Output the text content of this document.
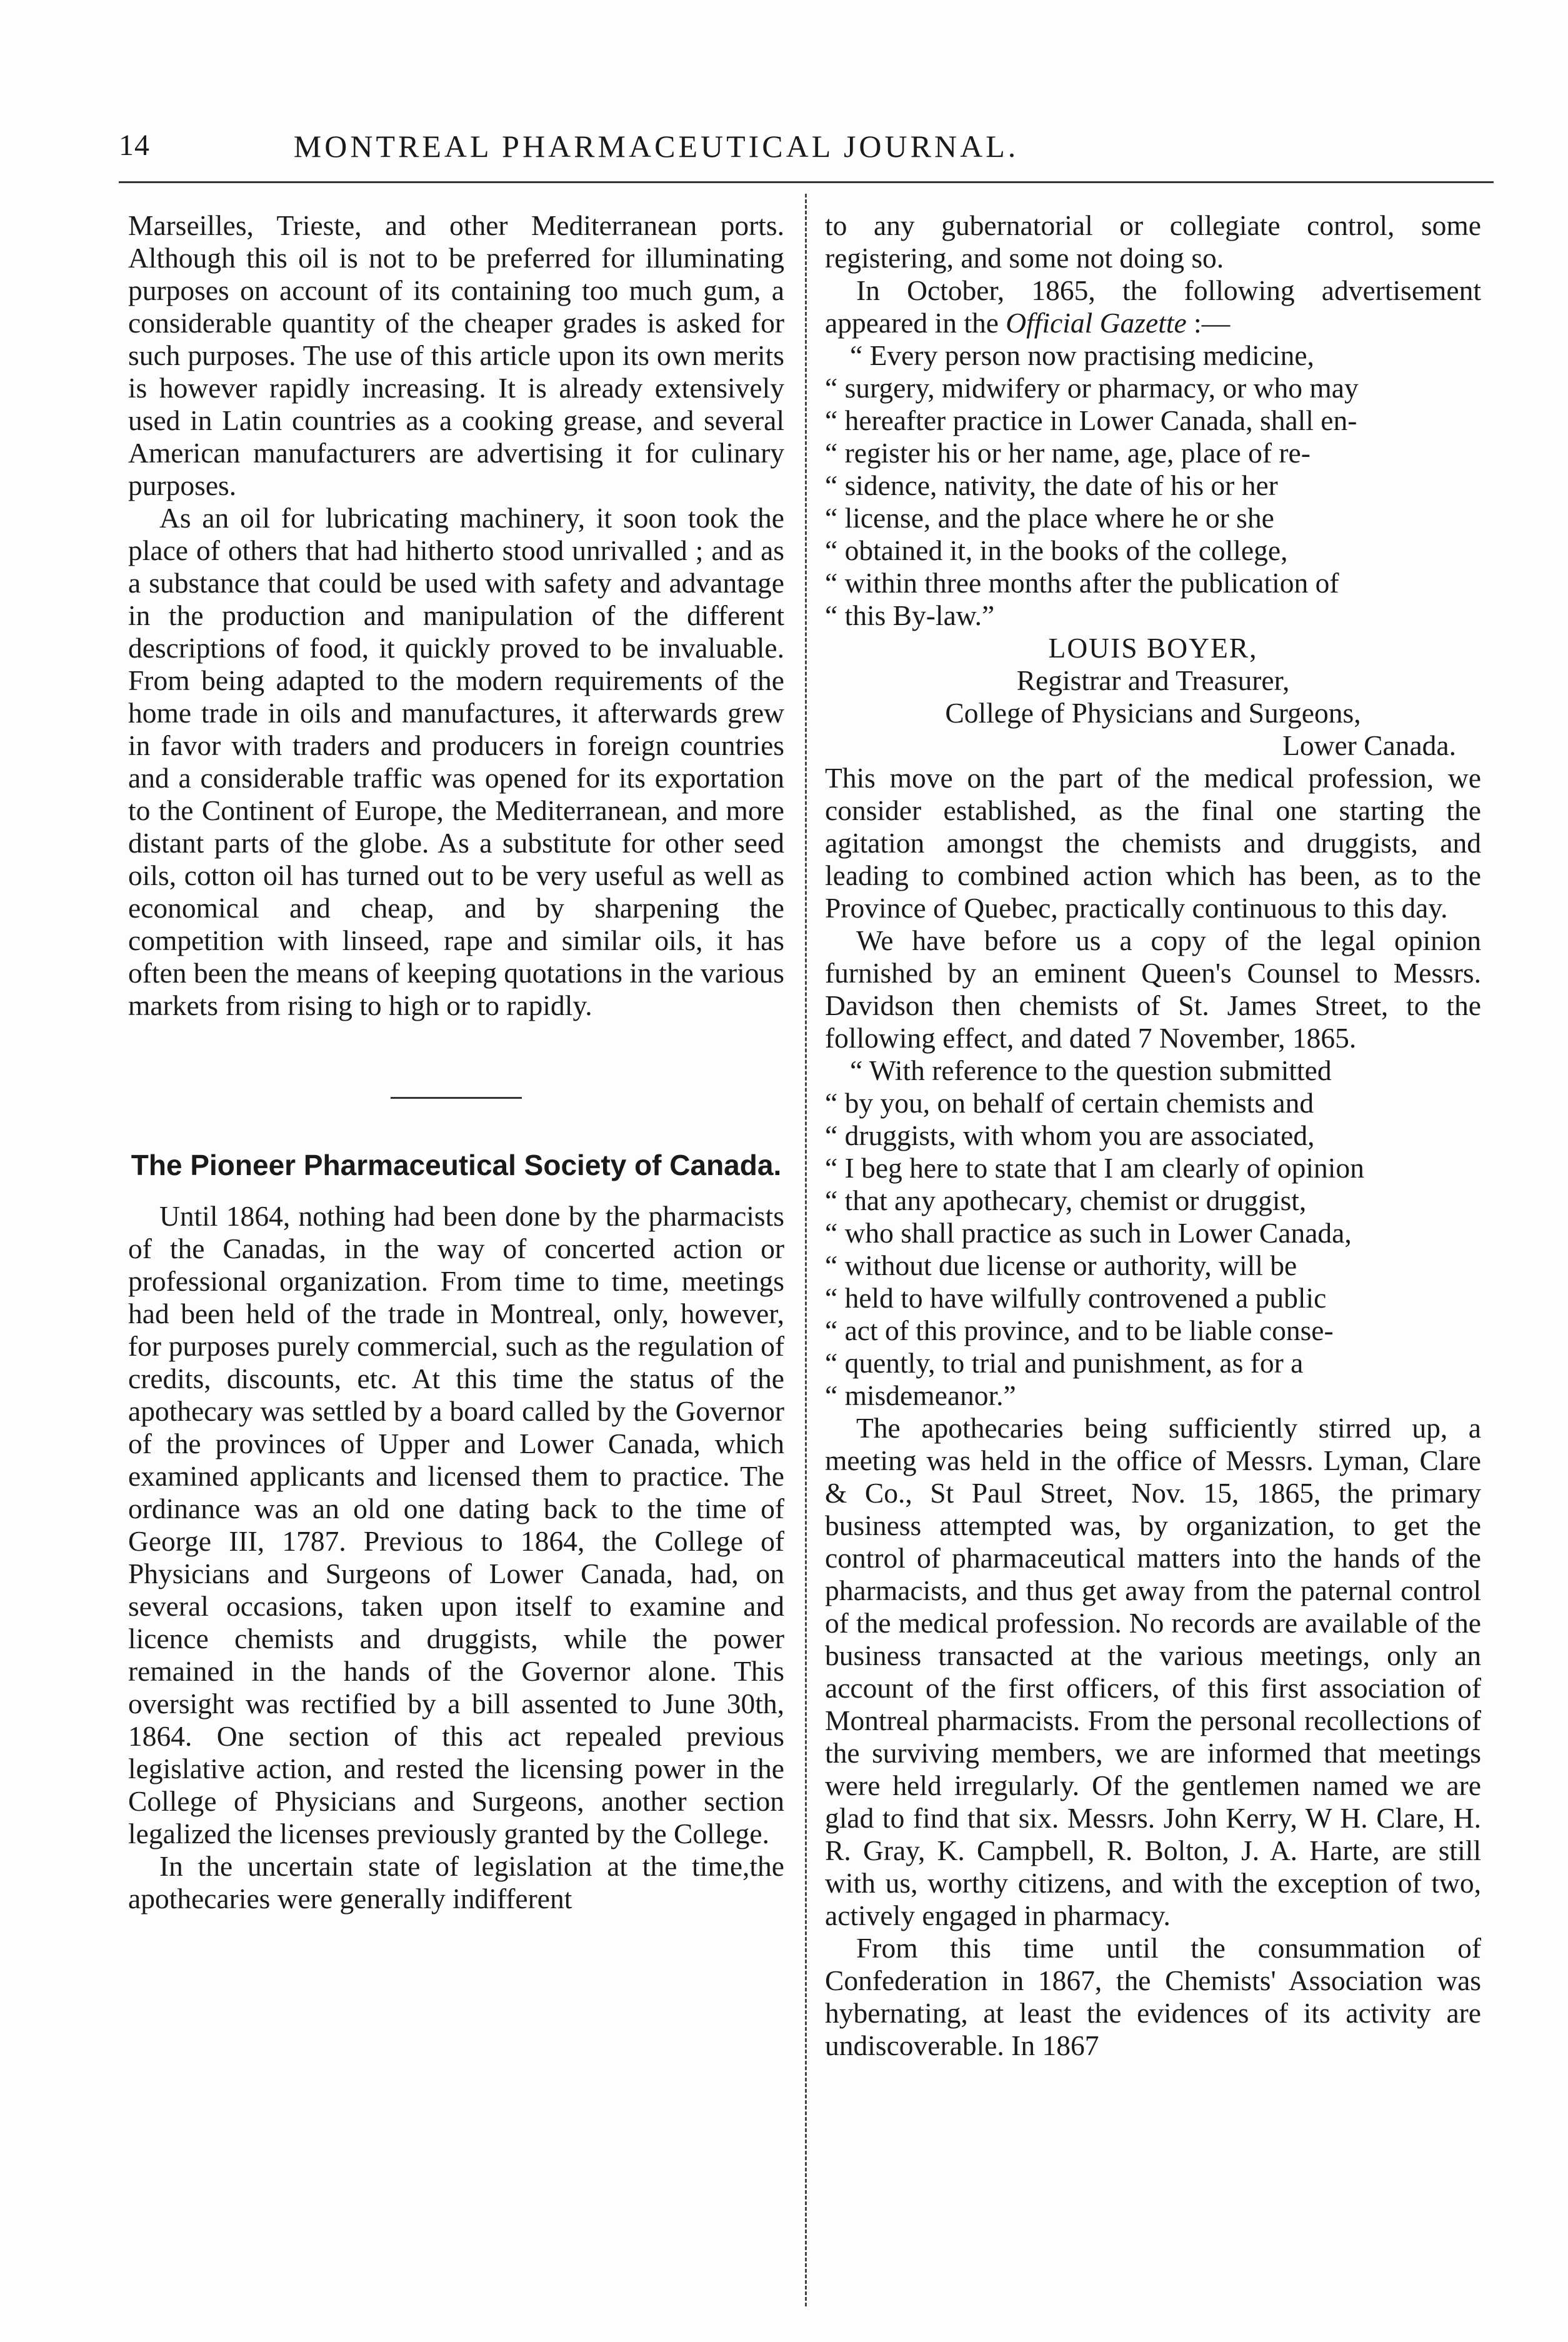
14	MONTREAL PHARMACEUTICAL JOURNAL.

Marseilles, Trieste, and other Mediterranean ports. Although this oil is not to be preferred for illuminating purposes on account of its containing too much gum, a considerable quantity of the cheaper grades is asked for such purposes. The use of this article upon its own merits is however rapidly increasing. It is already extensively used in Latin countries as a cooking grease, and several American manufacturers are advertising it for culinary purposes.

As an oil for lubricating machinery, it soon took the place of others that had hitherto stood unrivalled ; and as a substance that could be used with safety and advantage in the production and manipulation of the different descriptions of food, it quickly proved to be invaluable. From being adapted to the modern requirements of the home trade in oils and manufactures, it afterwards grew in favor with traders and producers in foreign countries and a considerable traffic was opened for its exportation to the Continent of Europe, the Mediterranean, and more distant parts of the globe. As a substitute for other seed oils, cotton oil has turned out to be very useful as well as economical and cheap, and by sharpening the competition with linseed, rape and similar oils, it has often been the means of keeping quotations in the various markets from rising to high or to rapidly.

The Pioneer Pharmaceutical Society of Canada.

Until 1864, nothing had been done by the pharmacists of the Canadas, in the way of concerted action or professional organization. From time to time, meetings had been held of the trade in Montreal, only, however, for purposes purely commercial, such as the regulation of credits, discounts, etc. At this time the status of the apothecary was settled by a board called by the Governor of the provinces of Upper and Lower Canada, which examined applicants and licensed them to practice. The ordinance was an old one dating back to the time of George III, 1787. Previous to 1864, the College of Physicians and Surgeons of Lower Canada, had, on several occasions, taken upon itself to examine and licence chemists and druggists, while the power remained in the hands of the Governor alone. This oversight was rectified by a bill assented to June 30th, 1864. One section of this act repealed previous legislative action, and rested the licensing power in the College of Physicians and Surgeons, another section legalized the licenses previously granted by the College.

In the uncertain state of legislation at the time,the apothecaries were generally indifferent

to any gubernatorial or collegiate control, some registering, and some not doing so.

In October, 1865, the following advertisement appeared in the Official Gazette :—

“ Every person now practising medicine,

“ surgery, midwifery or pharmacy, or who may

“ hereafter practice in Lower Canada, shall en-

“ register his or her name, age, place of re-

“ sidence, nativity, the date of his or her

“ license, and the place where he or she

“ obtained it, in the books of the college,

“ within three months after the publication of

“ this By-law.”

LOUIS BOYER,

Registrar and Treasurer,

College of Physicians and Surgeons,

Lower Canada.

This move on the part of the medical profession, we consider established, as the final one starting the agitation amongst the chemists and druggists, and leading to combined action which has been, as to the Province of Quebec, practically continuous to this day.

We have before us a copy of the legal opinion furnished by an eminent Queen's Counsel to Messrs. Davidson then chemists of St. James Street, to the following effect, and dated 7 November, 1865.

“ With reference to the question submitted

“ by you, on behalf of certain chemists and

“ druggists, with whom you are associated,

“ I beg here to state that I am clearly of opinion

“ that any apothecary, chemist or druggist,

“ who shall practice as such in Lower Canada,

“ without due license or authority, will be

“ held to have wilfully controvened a public

“ act of this province, and to be liable conse-

“ quently, to trial and punishment, as for a

“ misdemeanor.”

The apothecaries being sufficiently stirred up, a meeting was held in the office of Messrs. Lyman, Clare & Co., St Paul Street, Nov. 15, 1865, the primary business attempted was, by organization, to get the control of pharmaceutical matters into the hands of the pharmacists, and thus get away from the paternal control of the medical profession. No records are available of the business transacted at the various meetings, only an account of the first officers, of this first association of Montreal pharmacists. From the personal recollections of the surviving members, we are informed that meetings were held irregularly. Of the gentlemen named we are glad to find that six. Messrs. John Kerry, W H. Clare, H. R. Gray, K. Campbell, R. Bolton, J. A. Harte, are still with us, worthy citizens, and with the exception of two, actively engaged in pharmacy.

From this time until the consummation of Confederation in 1867, the Chemists' Association was hybernating, at least the evidences of its activity are undiscoverable. In 1867
